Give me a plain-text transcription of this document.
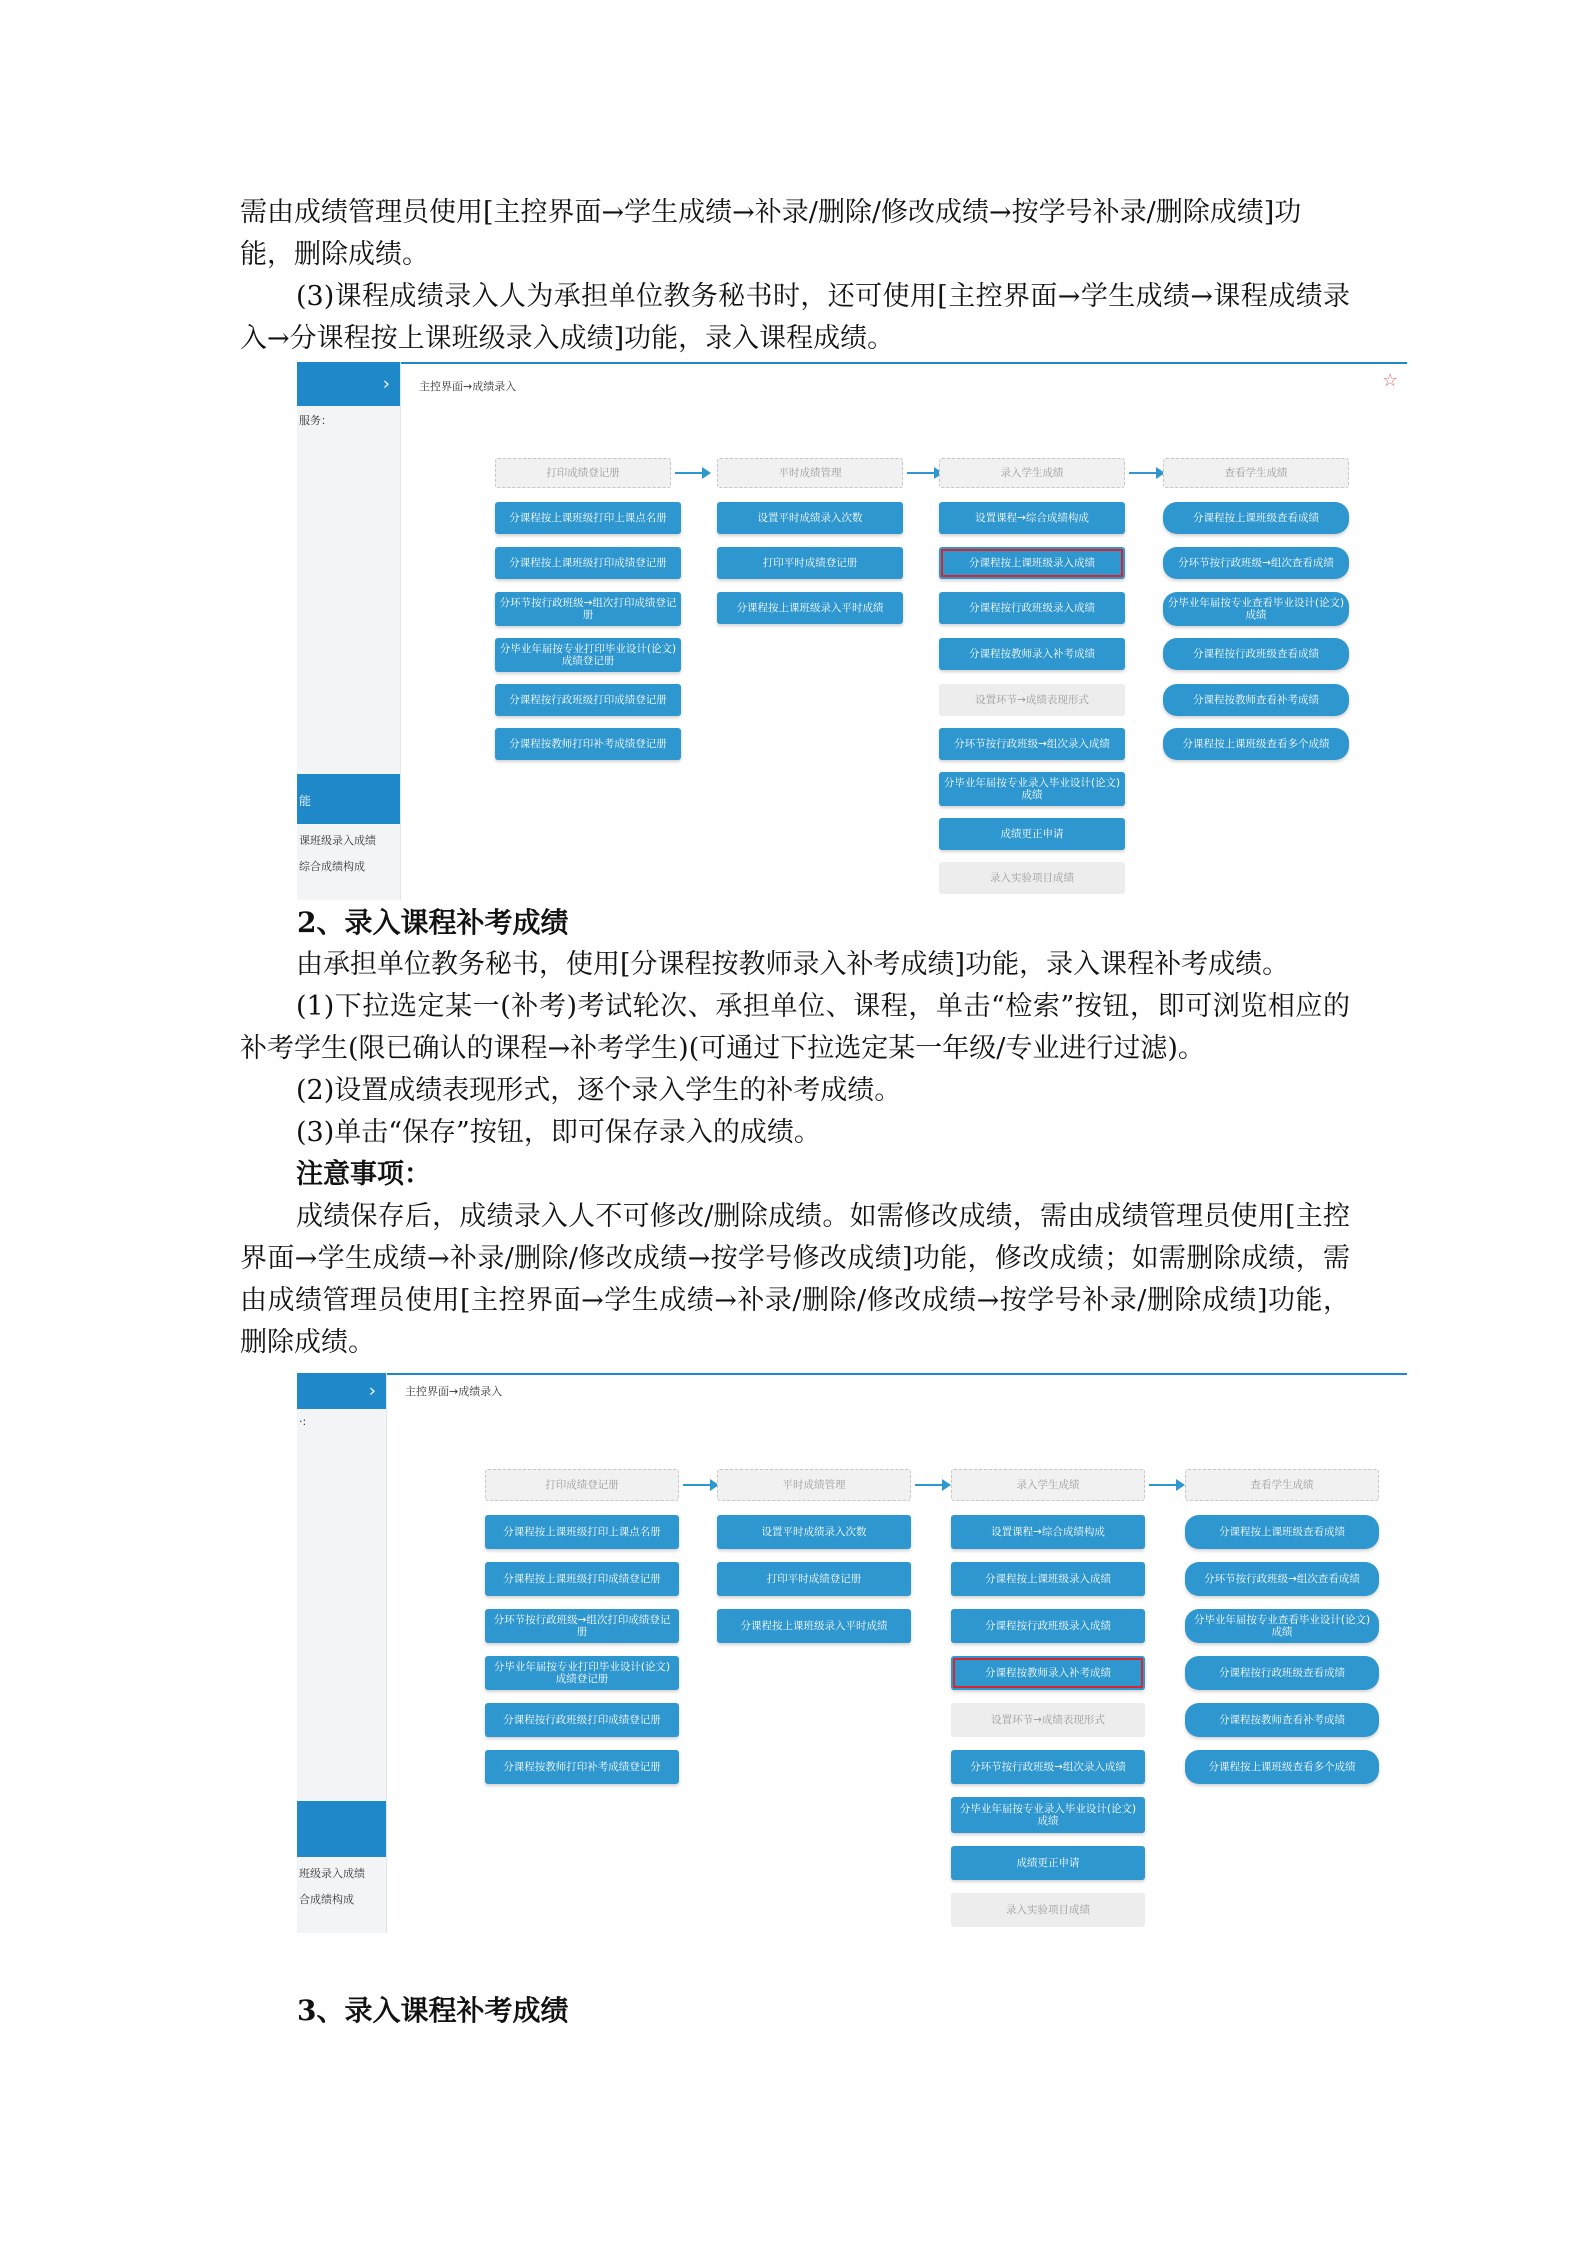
需由成绩管理员使用[主控界面→学生成绩→补录/删除/修改成绩→按学号补录/删除成绩]功
能，删除成绩。
(3)课程成绩录入人为承担单位教务秘书时，还可使用[主控界面→学生成绩→课程成绩录入→分课程按上课班级录入成绩]功能，录入课程成绩。
›
服务：
能
课班级录入成绩
综合成绩构成
主控界面→成绩录入	☆
打印成绩登记册	平时成绩管理	录入学生成绩	查看学生成绩
分课程按上课班级打印上课点名册
分课程按上课班级打印成绩登记册
分环节按行政班级→组次打印成绩登记册
分毕业年届按专业打印毕业设计(论文)成绩登记册
分课程按行政班级打印成绩登记册
分课程按教师打印补考成绩登记册
设置平时成绩录入次数
打印平时成绩登记册
分课程按上课班级录入平时成绩
设置课程→综合成绩构成
分课程按上课班级录入成绩
分课程按行政班级录入成绩
分课程按教师录入补考成绩
设置环节→成绩表现形式
分环节按行政班级→组次录入成绩
分毕业年届按专业录入毕业设计(论文)成绩
成绩更正申请
录入实验项目成绩
分课程按上课班级查看成绩
分环节按行政班级→组次查看成绩
分毕业年届按专业查看毕业设计(论文)成绩
分课程按行政班级查看成绩
分课程按教师查看补考成绩
分课程按上课班级查看多个成绩
2、录入课程补考成绩
由承担单位教务秘书，使用[分课程按教师录入补考成绩]功能，录入课程补考成绩。
(1)下拉选定某一(补考)考试轮次、承担单位、课程，单击“检索”按钮，即可浏览相应的补考学生(限已确认的课程→补考学生)(可通过下拉选定某一年级/专业进行过滤)。
(2)设置成绩表现形式，逐个录入学生的补考成绩。
(3)单击“保存”按钮，即可保存录入的成绩。
注意事项：
成绩保存后，成绩录入人不可修改/删除成绩。如需修改成绩，需由成绩管理员使用[主控界面→学生成绩→补录/删除/修改成绩→按学号修改成绩]功能，修改成绩；如需删除成绩，需由成绩管理员使用[主控界面→学生成绩→补录/删除/修改成绩→按学号补录/删除成绩]功能，删除成绩。
›
·:
班级录入成绩
合成绩构成
主控界面→成绩录入
打印成绩登记册	平时成绩管理	录入学生成绩	查看学生成绩
分课程按上课班级打印上课点名册
分课程按上课班级打印成绩登记册
分环节按行政班级→组次打印成绩登记册
分毕业年届按专业打印毕业设计(论文)成绩登记册
分课程按行政班级打印成绩登记册
分课程按教师打印补考成绩登记册
设置平时成绩录入次数
打印平时成绩登记册
分课程按上课班级录入平时成绩
设置课程→综合成绩构成
分课程按上课班级录入成绩
分课程按行政班级录入成绩
分课程按教师录入补考成绩
设置环节→成绩表现形式
分环节按行政班级→组次录入成绩
分毕业年届按专业录入毕业设计(论文)成绩
成绩更正申请
录入实验项目成绩
分课程按上课班级查看成绩
分环节按行政班级→组次查看成绩
分毕业年届按专业查看毕业设计(论文)成绩
分课程按行政班级查看成绩
分课程按教师查看补考成绩
分课程按上课班级查看多个成绩
3、录入课程补考成绩
